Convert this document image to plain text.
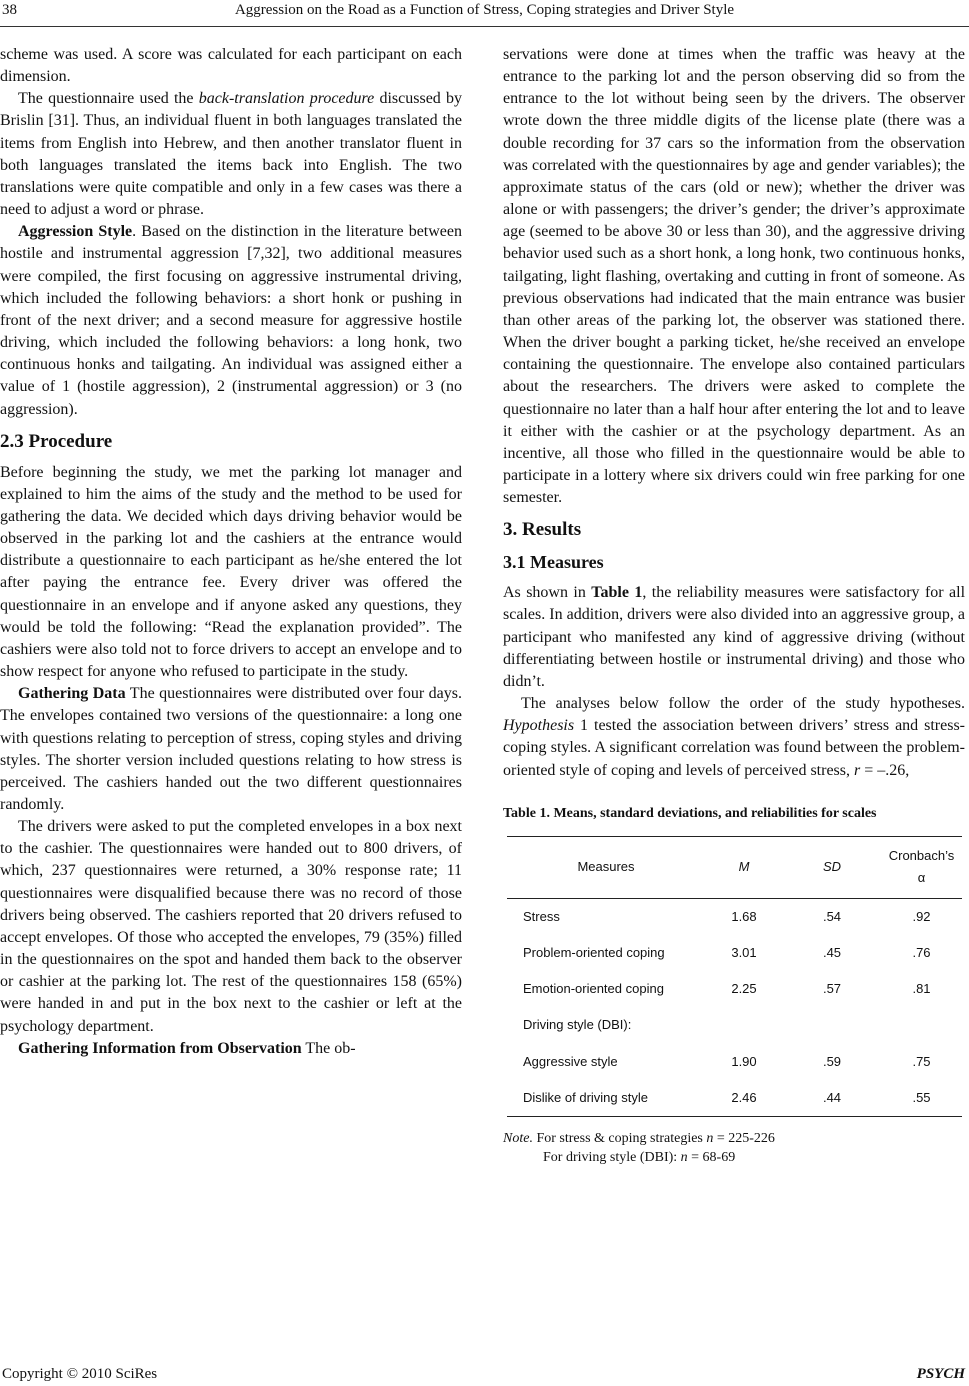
38	Aggression on the Road as a Function of Stress, Coping strategies and Driver Style

scheme was used. A score was calculated for each participant on each dimension.

The questionnaire used the back-translation procedure discussed by Brislin [31]. Thus, an individual fluent in both languages translated the items from English into Hebrew, and then another translator fluent in both languages translated the items back into English. The two translations were quite compatible and only in a few cases was there a need to adjust a word or phrase.

Aggression Style. Based on the distinction in the literature between hostile and instrumental aggression [7,32], two additional measures were compiled, the first focusing on aggressive instrumental driving, which included the following behaviors: a short honk or pushing in front of the next driver; and a second measure for aggressive hostile driving, which included the following behaviors: a long honk, two continuous honks and tailgating. An individual was assigned either a value of 1 (hostile aggression), 2 (instrumental aggression) or 3 (no aggression).

2.3 Procedure

Before beginning the study, we met the parking lot manager and explained to him the aims of the study and the method to be used for gathering the data. We decided which days driving behavior would be observed in the parking lot and the cashiers at the entrance would distribute a questionnaire to each participant as he/she entered the lot after paying the entrance fee. Every driver was offered the questionnaire in an envelope and if anyone asked any questions, they would be told the following: “Read the explanation provided”. The cashiers were also told not to force drivers to accept an envelope and to show respect for anyone who refused to participate in the study.

Gathering Data The questionnaires were distributed over four days. The envelopes contained two versions of the questionnaire: a long one with questions relating to perception of stress, coping styles and driving styles. The shorter version included questions relating to how stress is perceived. The cashiers handed out the two different questionnaires randomly.

The drivers were asked to put the completed envelopes in a box next to the cashier. The questionnaires were handed out to 800 drivers, of which, 237 questionnaires were returned, a 30% response rate; 11 questionnaires were disqualified because there was no record of those drivers being observed. The cashiers reported that 20 drivers refused to accept envelopes. Of those who accepted the envelopes, 79 (35%) filled in the questionnaires on the spot and handed them back to the observer or cashier at the parking lot. The rest of the questionnaires 158 (65%) were handed in and put in the box next to the cashier or left at the psychology department.

Gathering Information from Observation The ob-

servations were done at times when the traffic was heavy at the entrance to the parking lot and the person observing did so from the entrance to the lot without being seen by the drivers. The observer wrote down the three middle digits of the license plate (there was a double recording for 37 cars so the information from the observation was correlated with the questionnaires by age and gender variables); the approximate status of the cars (old or new); whether the driver was alone or with passengers; the driver’s gender; the driver’s approximate age (seemed to be above 30 or less than 30), and the aggressive driving behavior used such as a short honk, a long honk, two continuous honks, tailgating, light flashing, overtaking and cutting in front of someone. As previous observations had indicated that the main entrance was busier than other areas of the parking lot, the observer was stationed there. When the driver bought a parking ticket, he/she received an envelope containing the questionnaire. The envelope also contained particulars about the researchers. The drivers were asked to complete the questionnaire no later than a half hour after entering the lot and to leave it either with the cashier or at the psychology department. As an incentive, all those who filled in the questionnaire would be able to participate in a lottery where six drivers could win free parking for one semester.

3. Results
3.1 Measures

As shown in Table 1, the reliability measures were satisfactory for all scales. In addition, drivers were also divided into an aggressive group, a participant who manifested any kind of aggressive driving (without differentiating between hostile or instrumental driving) and those who didn’t.

The analyses below follow the order of the study hypotheses. Hypothesis 1 tested the association between drivers’ stress and stress-coping styles. A significant correlation was found between the problem-oriented style of coping and levels of perceived stress, r = –.26,

Table 1. Means, standard deviations, and reliabilities for scales
Measures	M	SD	Cronbach’s α
Stress	1.68	.54	.92
Problem-oriented coping	3.01	.45	.76
Emotion-oriented coping	2.25	.57	.81
Driving style (DBI):			
Aggressive style	1.90	.59	.75
Dislike of driving style	2.46	.44	.55
Note. For stress & coping strategies n = 225-226
For driving style (DBI): n = 68-69
Copyright © 2010 SciRes	PSYCH
